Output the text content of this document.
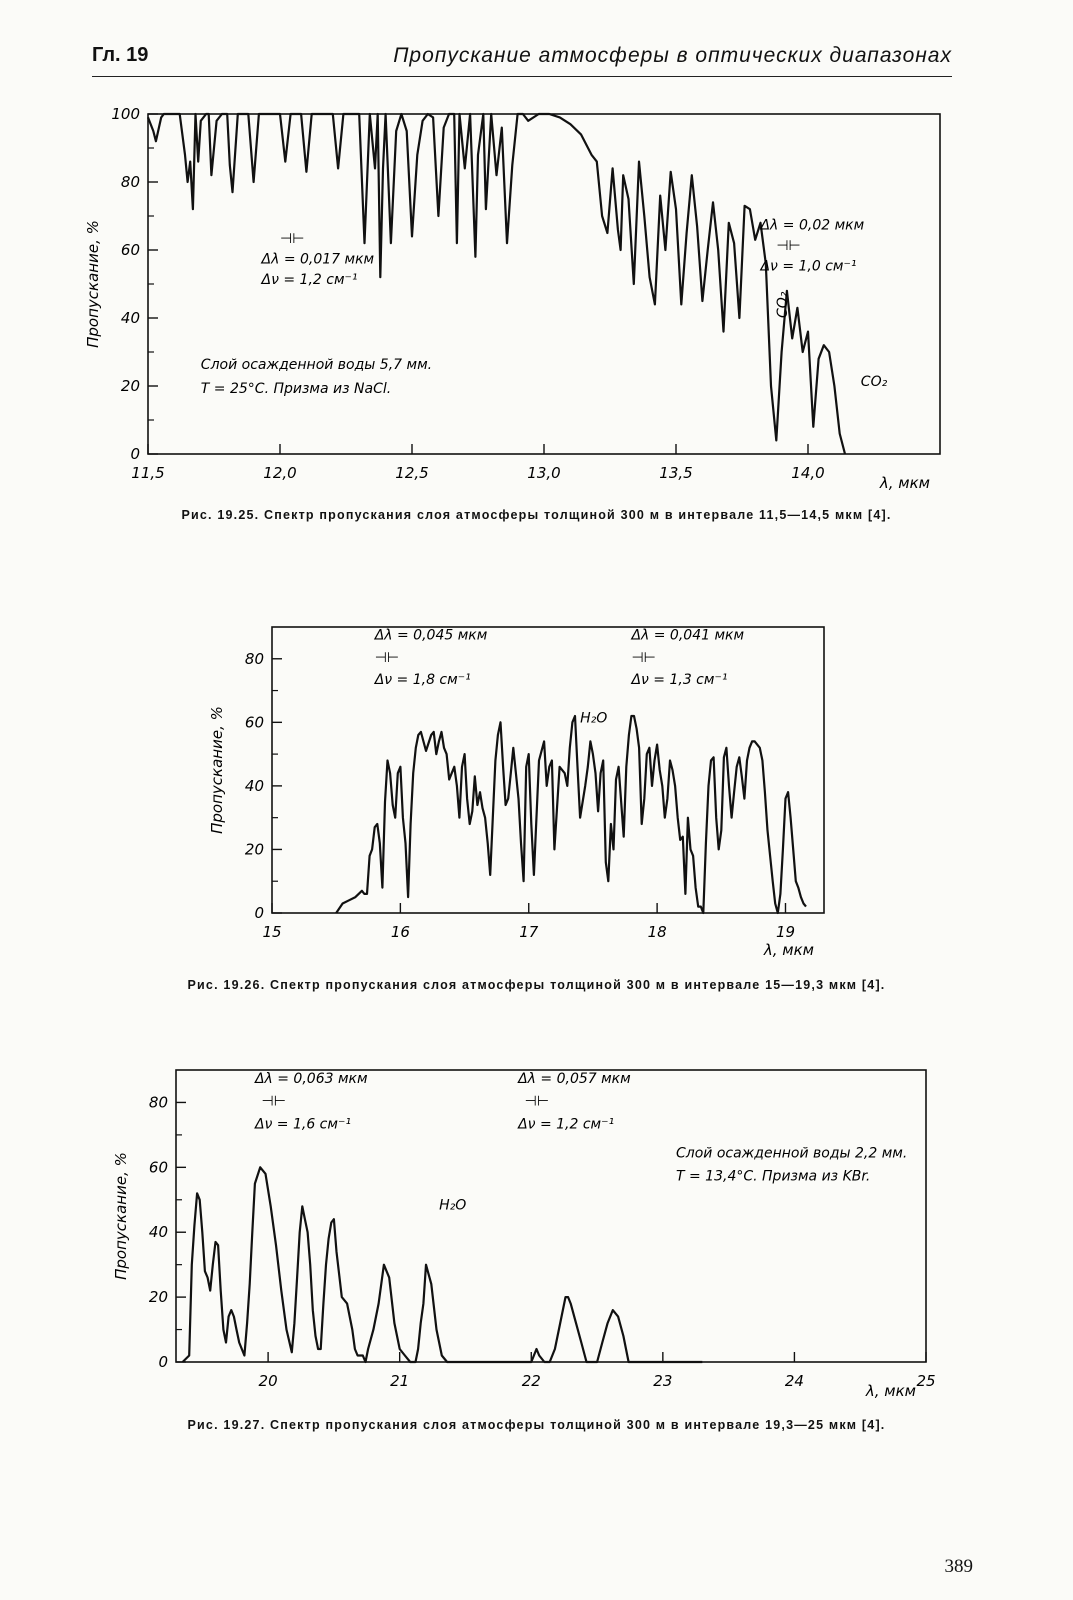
Гл. 19	Пропускание атмосферы в оптических диапазонах
0
20
40
60
80
100
11,5	12,0	12,5	13,0	13,5	14,0
λ, мкм
Пропускание, %	⊣⊢
Δλ = 0,017 мкм
Δν = 1,2 см⁻¹
Δλ = 0,02 мкм
⊣⊢
Δν = 1,0 см⁻¹
Слой осажденной воды 5,7 мм.
T = 25°C. Призма из NaCl.	CO₂
CO₂
Рис. 19.25. Спектр пропускания слоя атмосферы толщиной 300 м в интервале 11,5—14,5 мкм [4].
0
20
40
60
80
15	16	17	18	19
λ, мкм
Пропускание, %
Δλ = 0,045 мкм
⊣⊢
Δν = 1,8 см⁻¹
Δλ = 0,041 мкм
⊣⊢
Δν = 1,3 см⁻¹
H₂O
Рис. 19.26. Спектр пропускания слоя атмосферы толщиной 300 м в интервале 15—19,3 мкм [4].
0
20
40
60
80
20	21	22	23	24	25
λ, мкм
Пропускание, %
Δλ = 0,063 мкм
⊣⊢
Δν = 1,6 см⁻¹
Δλ = 0,057 мкм
⊣⊢
Δν = 1,2 см⁻¹
Слой осажденной воды 2,2 мм.
T = 13,4°C. Призма из KBr.
H₂O
Рис. 19.27. Спектр пропускания слоя атмосферы толщиной 300 м в интервале 19,3—25 мкм [4].
389
